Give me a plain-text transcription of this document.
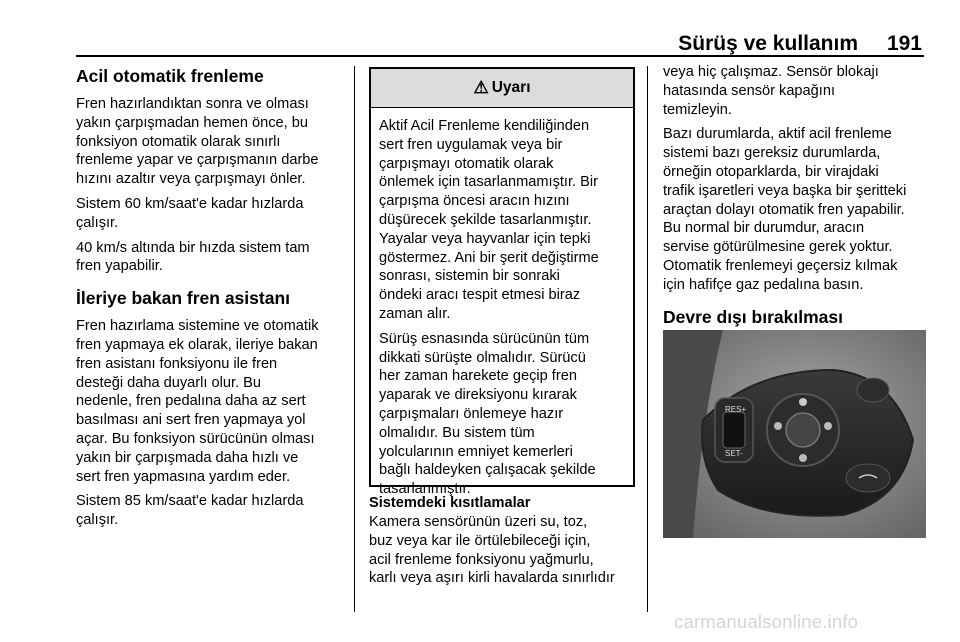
Sürüş ve kullanım 191
Acil otomatik frenleme

Fren hazırlandıktan sonra ve olması
yakın çarpışmadan hemen önce, bu
fonksiyon otomatik olarak sınırlı
frenleme yapar ve çarpışmanın darbe
hızını azaltır veya çarpışmayı önler.

Sistem 60 km/saat'e kadar hızlarda
çalışır.

40 km/s altında bir hızda sistem tam
fren yapabilir.

İleriye bakan fren asistanı

Fren hazırlama sistemine ve otomatik
fren yapmaya ek olarak, ileriye bakan
fren asistanı fonksiyonu ile fren
desteği daha duyarlı olur. Bu
nedenle, fren pedalına daha az sert
basılması ani sert fren yapmaya yol
açar. Bu fonksiyon sürücünün olması
yakın bir çarpışmada daha hızlı ve
sert fren yapmasına yardım eder.

Sistem 85 km/saat'e kadar hızlarda
çalışır.

⚠ Uyarı

Aktif Acil Frenleme kendiliğinden
sert fren uygulamak veya bir
çarpışmayı otomatik olarak
önlemek için tasarlanmamıştır. Bir
çarpışma öncesi aracın hızını
düşürecek şekilde tasarlanmıştır.
Yayalar veya hayvanlar için tepki
göstermez. Ani bir şerit değiştirme
sonrası, sistemin bir sonraki
öndeki aracı tespit etmesi biraz
zaman alır.

Sürüş esnasında sürücünün tüm
dikkati sürüşte olmalıdır. Sürücü
her zaman harekete geçip fren
yaparak ve direksiyonu kırarak
çarpışmaları önlemeye hazır
olmalıdır. Bu sistem tüm
yolcularının emniyet kemerleri
bağlı haldeyken çalışacak şekilde
tasarlanmıştır.

Sistemdeki kısıtlamalar

Kamera sensörünün üzeri su, toz,
buz veya kar ile örtülebileceği için,
acil frenleme fonksiyonu yağmurlu,
karlı veya aşırı kirli havalarda sınırlıdır

veya hiç çalışmaz. Sensör blokajı
hatasında sensör kapağını
temizleyin.

Bazı durumlarda, aktif acil frenleme
sistemi bazı gereksiz durumlarda,
örneğin otoparklarda, bir virajdaki
trafik işaretleri veya başka bir şeritteki
araçtan dolayı otomatik fren yapabilir.
Bu normal bir durumdur, aracın
servise götürülmesine gerek yoktur.
Otomatik frenlemeyi geçersiz kılmak
için hafifçe gaz pedalına basın.

Devre dışı bırakılması
RES+
SET-
carmanualsonline.info
